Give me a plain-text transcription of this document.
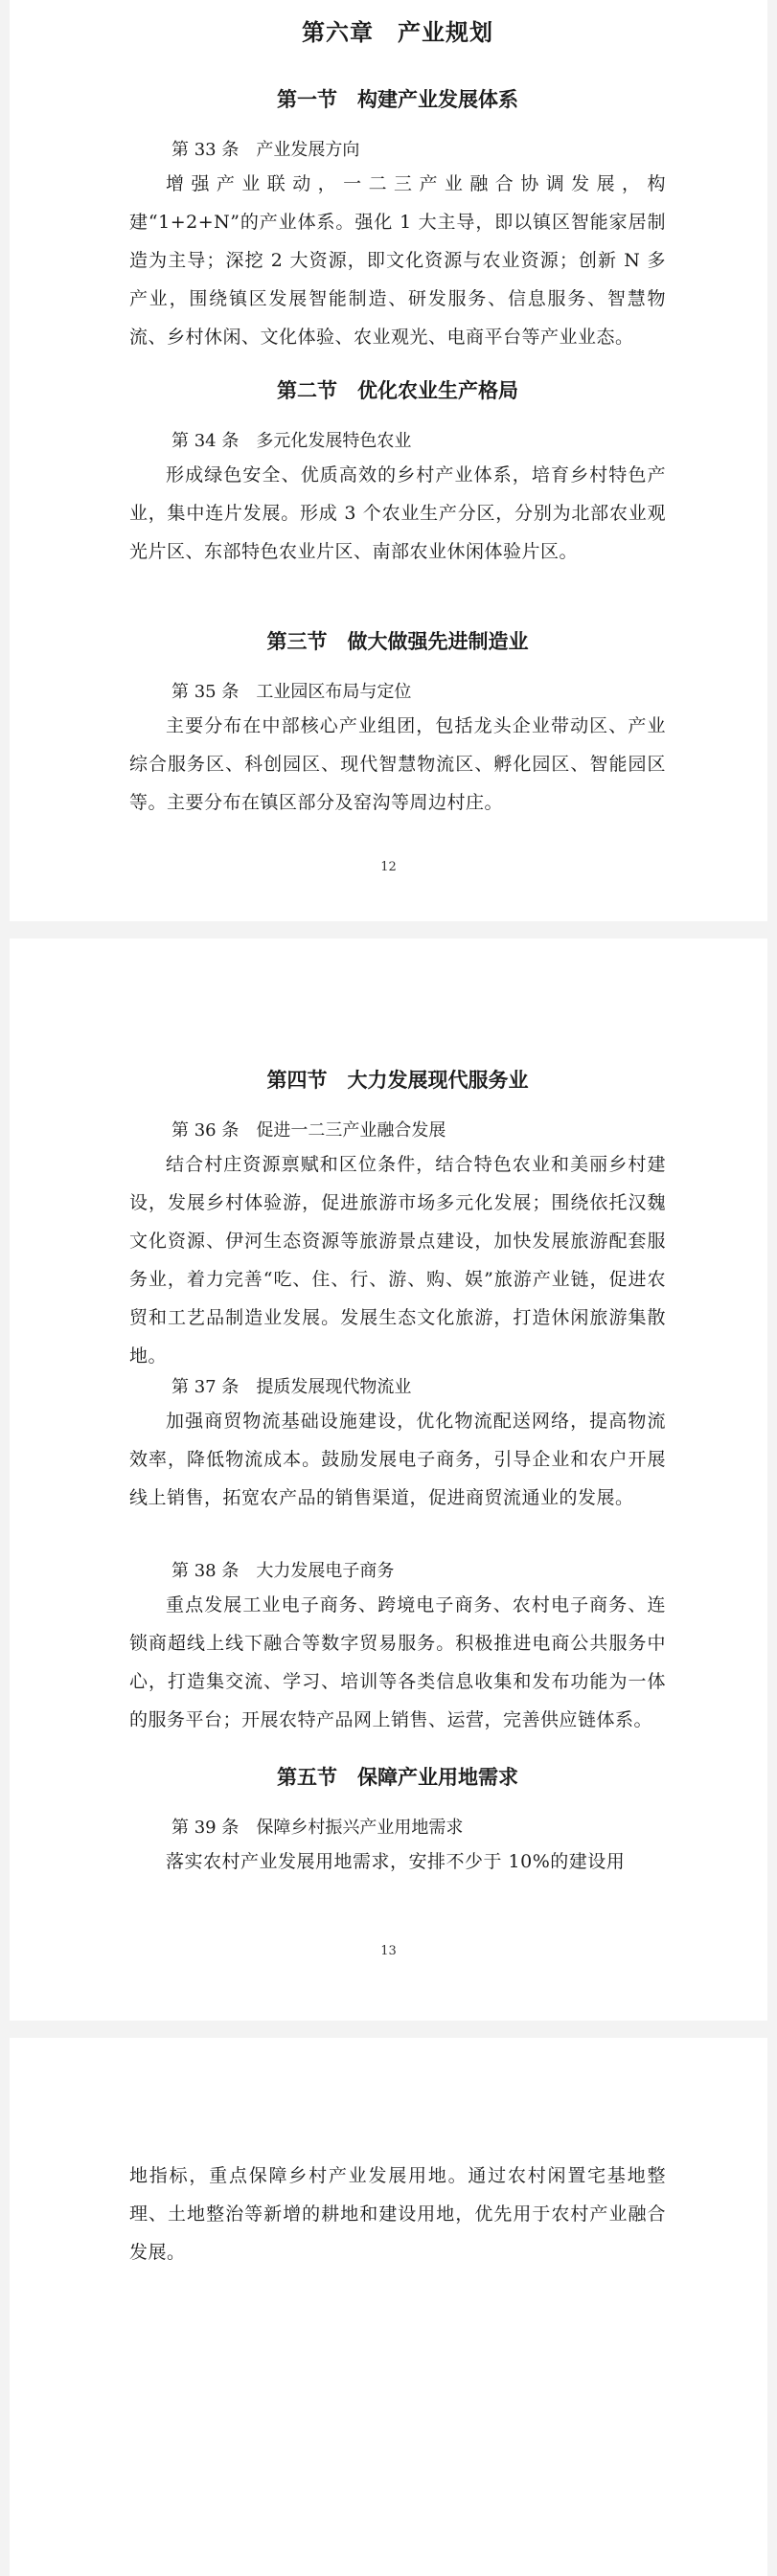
第六章　产业规划
第一节　构建产业发展体系
第 33 条　产业发展方向
增强产业联动，一二三产业融合协调发展，构建“1+2+N”的产业体系。强化 1 大主导，即以镇区智能家居制造为主导；深挖 2 大资源，即文化资源与农业资源；创新 N 多产业，围绕镇区发展智能制造、研发服务、信息服务、智慧物流、乡村休闲、文化体验、农业观光、电商平台等产业业态。
第二节　优化农业生产格局
第 34 条　多元化发展特色农业
形成绿色安全、优质高效的乡村产业体系，培育乡村特色产业，集中连片发展。形成 3 个农业生产分区，分别为北部农业观光片区、东部特色农业片区、南部农业休闲体验片区。
第三节　做大做强先进制造业
第 35 条　工业园区布局与定位
主要分布在中部核心产业组团，包括龙头企业带动区、产业综合服务区、科创园区、现代智慧物流区、孵化园区、智能园区等。主要分布在镇区部分及窑沟等周边村庄。
12
第四节　大力发展现代服务业
第 36 条　促进一二三产业融合发展
结合村庄资源禀赋和区位条件，结合特色农业和美丽乡村建设，发展乡村体验游，促进旅游市场多元化发展；围绕依托汉魏文化资源、伊河生态资源等旅游景点建设，加快发展旅游配套服务业，着力完善“吃、住、行、游、购、娱”旅游产业链，促进农贸和工艺品制造业发展。发展生态文化旅游，打造休闲旅游集散地。
第 37 条　提质发展现代物流业
加强商贸物流基础设施建设，优化物流配送网络，提高物流效率，降低物流成本。鼓励发展电子商务，引导企业和农户开展线上销售，拓宽农产品的销售渠道，促进商贸流通业的发展。
第 38 条　大力发展电子商务
重点发展工业电子商务、跨境电子商务、农村电子商务、连锁商超线上线下融合等数字贸易服务。积极推进电商公共服务中心，打造集交流、学习、培训等各类信息收集和发布功能为一体的服务平台；开展农特产品网上销售、运营，完善供应链体系。
第五节　保障产业用地需求
第 39 条　保障乡村振兴产业用地需求
落实农村产业发展用地需求，安排不少于 10%的建设用
13
地指标，重点保障乡村产业发展用地。通过农村闲置宅基地整理、土地整治等新增的耕地和建设用地，优先用于农村产业融合发展。
